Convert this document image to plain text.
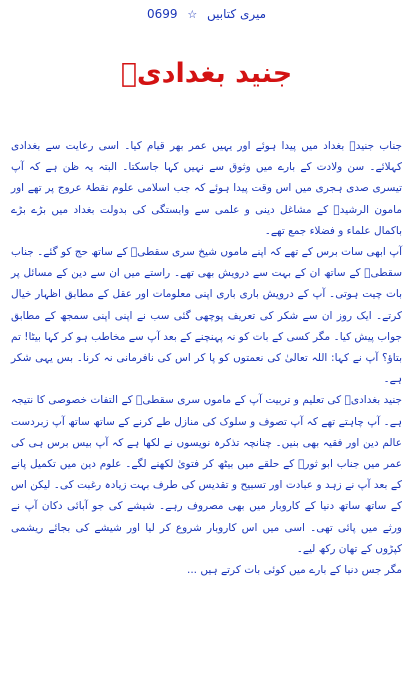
0699 ☆ میری کتابیں
جنید بغدادیؒ

جناب جنیدؒ بغداد میں پیدا ہوئے اور یہیں عمر بھر قیام کیا۔ اسی رعایت سے بغدادی کہلائے۔ سن ولادت کے بارے میں وثوق سے نہیں کہا جاسکتا۔ البتہ یہ ظن ہے کہ آپ تیسری صدی ہجری میں اس وقت پیدا ہوئے کہ جب اسلامی علوم نقطۂ عروج پر تھے اور مامون الرشیدؒ کے مشاغل دینی و علمی سے وابستگی کی بدولت بغداد میں بڑے بڑے باکمال علماء و فضلاء جمع تھے۔

آپ ابھی سات برس کے تھے کہ اپنے ماموں شیخ سری سقطیؒ کے ساتھ حج کو گئے۔ جناب سقطیؒ کے ساتھ ان کے بہت سے درویش بھی تھے۔ راستے میں ان سے دین کے مسائل پر بات چیت ہوتی۔ آپ کے درویش باری باری اپنی معلومات اور عقل کے مطابق اظہار خیال کرتے۔ ایک روز ان سے شکر کی تعریف پوچھی گئی سب نے اپنی اپنی سمجھ کے مطابق جواب پیش کیا۔ مگر کسی کے بات کو نہ پہنچنے کے بعد آپ سے مخاطب ہو کر کہا بیٹا! تم بتاؤ؟ آپ نے کہا: اللہ تعالیٰ کی نعمتوں کو پا کر اس کی نافرمانی نہ کرنا۔ بس یہی شکر ہے۔

جنید بغدادیؒ کی تعلیم و تربیت آپ کے ماموں سری سقطیؒ کے التفات خصوصی کا نتیجہ ہے۔ آپ چاہتے تھے کہ آپ تصوف و سلوک کی منازل طے کرنے کے ساتھ ساتھ آپ زبردست عالم دین اور فقیہ بھی بنیں۔ چنانچہ تذکرہ نویسوں نے لکھا ہے کہ آپ بیس برس ہی کی عمر میں جناب ابو ثورؒ کے حلقے میں بیٹھ کر فتویٰ لکھنے لگے۔ علوم دین میں تکمیل پانے کے بعد آپ نے زہد و عبادت اور تسبیح و تقدیس کی طرف بہت زیادہ رغبت کی۔ لیکن اس کے ساتھ ساتھ دنیا کے کاروبار میں بھی مصروف رہے۔ شیشے کی جو آبائی دکان آپ نے ورثے میں پائی تھی۔ اسی میں اس کاروبار شروع کر لیا اور شیشے کی بجائے ریشمی کپڑوں کے تھان رکھ لیے۔

مگر جس دنیا کے بارے میں کوئی بات کرتے ہیں ...
